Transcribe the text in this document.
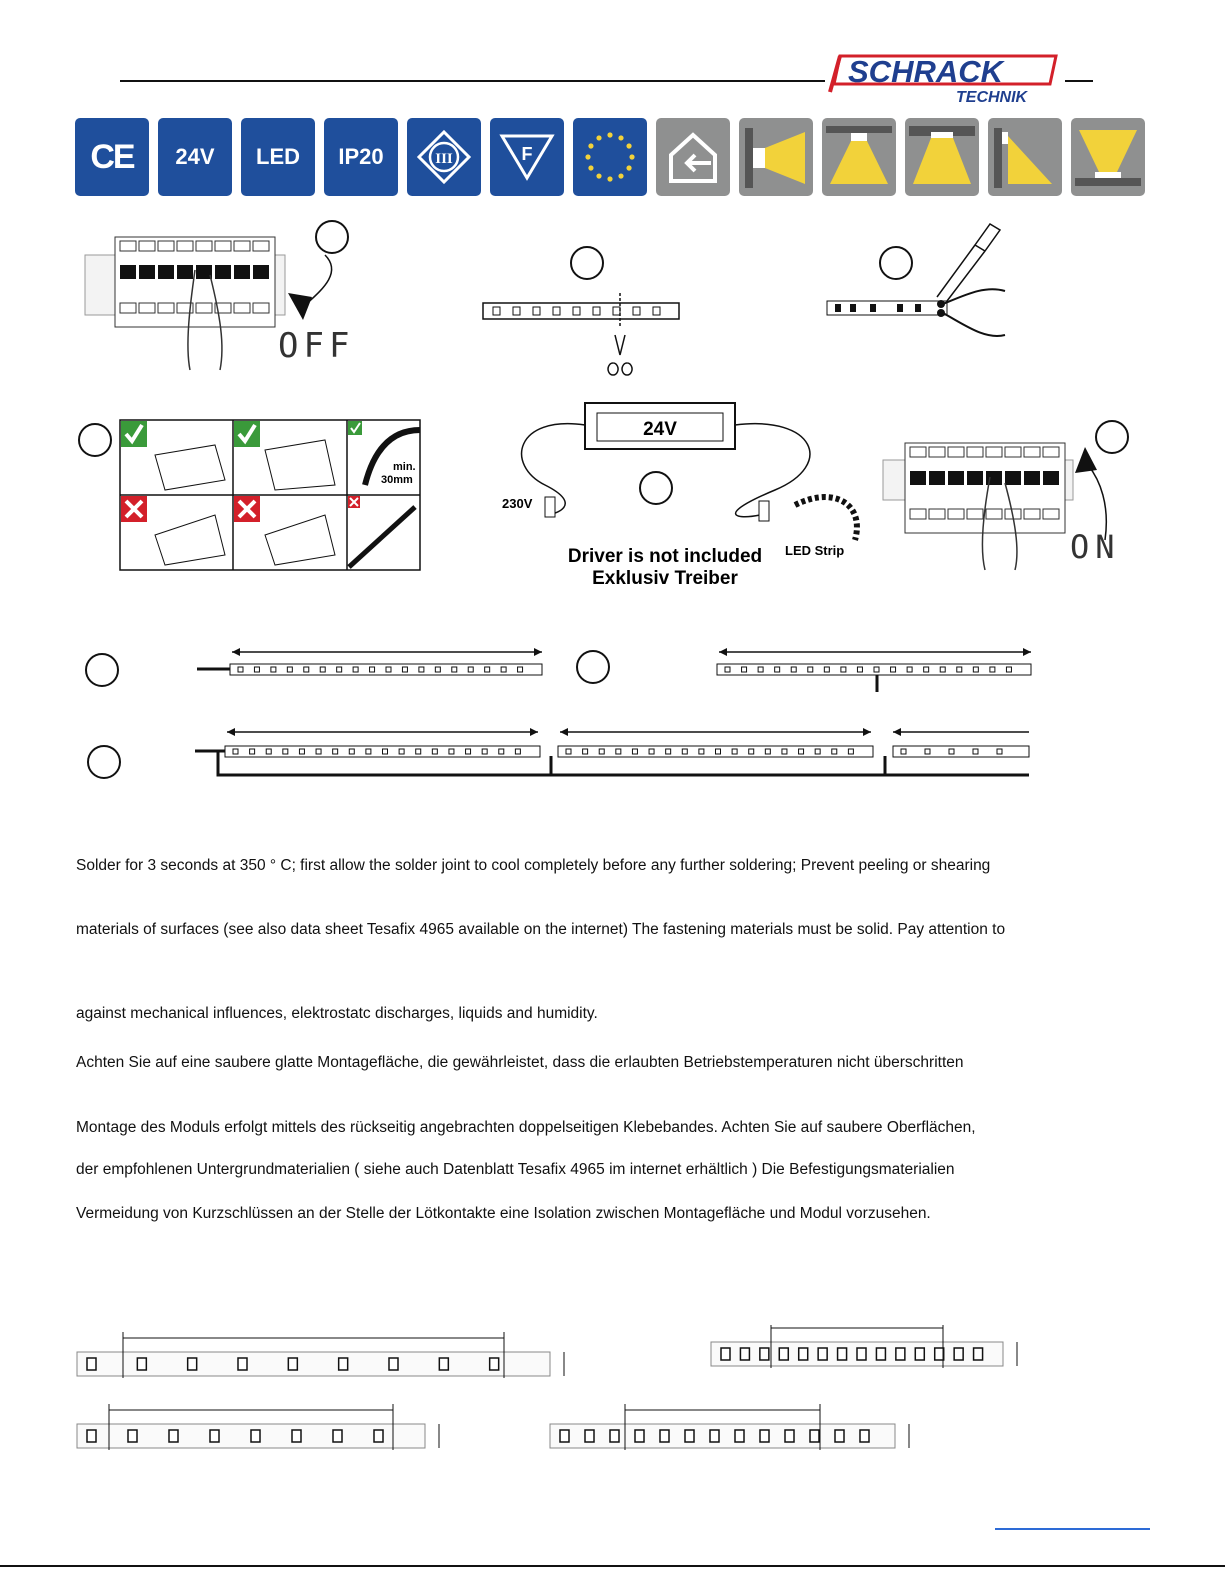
SCHRACK
TECHNIK
CE 24V LED IP20	III	F
OFF
min.
30mm
24V
230V
LED Strip
Driver is not included
Exklusiv Treiber
ON
Solder for 3 seconds at 350 ° C; first allow the solder joint to cool completely before any further soldering; Prevent peeling or shearing
materials of surfaces (see also data sheet Tesafix 4965 available on the internet) The fastening materials must be solid. Pay attention to
against mechanical influences, elektrostatc discharges, liquids and humidity.
Achten Sie auf eine saubere glatte Montagefläche, die gewährleistet, dass die erlaubten Betriebstemperaturen nicht überschritten
Montage des Moduls erfolgt mittels des rückseitig angebrachten doppelseitigen Klebebandes. Achten Sie auf saubere Oberflächen,
der empfohlenen Untergrundmaterialien ( siehe auch Datenblatt Tesafix 4965 im internet erhältlich ) Die Befestigungsmaterialien
Vermeidung von Kurzschlüssen an der Stelle der Lötkontakte eine Isolation zwischen Montagefläche und Modul vorzusehen.
